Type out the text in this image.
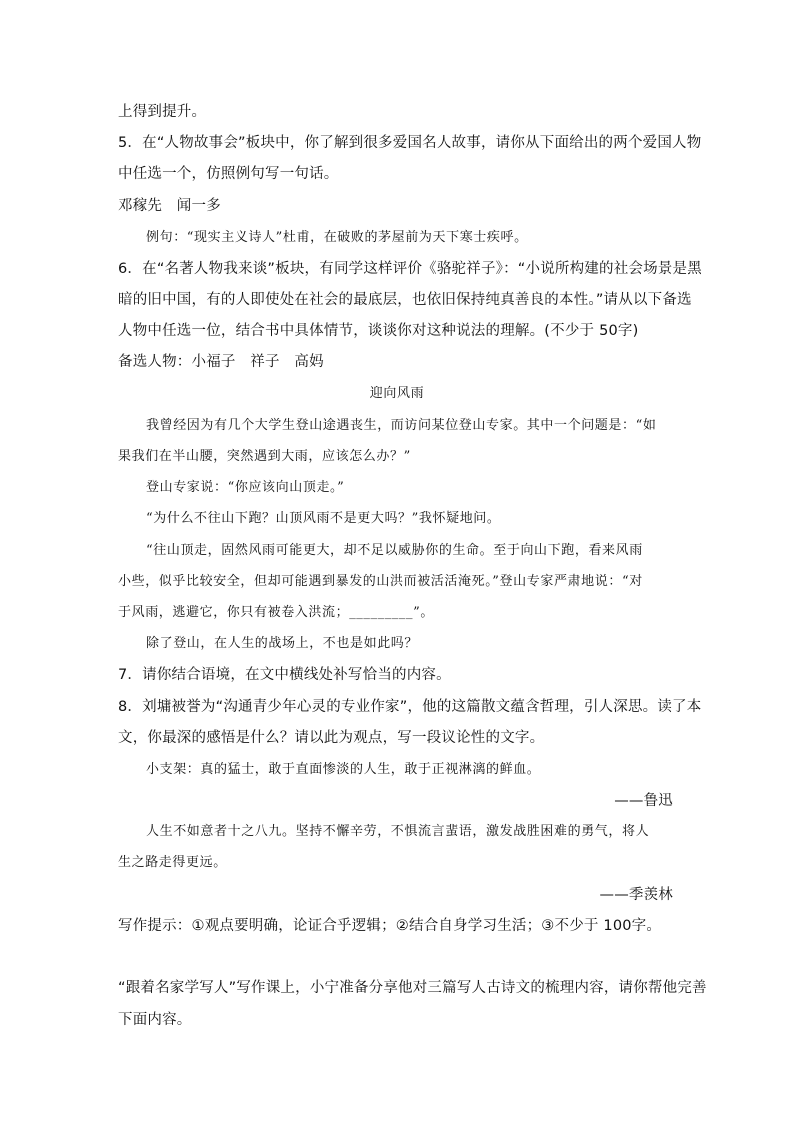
上得到提升。
5．在“人物故事会”板块中，你了解到很多爱国名人故事，请你从下面给出的两个爱国人物
中任选一个，仿照例句写一句话。
邓稼先　闻一多
例句：“现实主义诗人”杜甫，在破败的茅屋前为天下寒士疾呼。
6．在“名著人物我来谈”板块，有同学这样评价《骆驼祥子》：“小说所构建的社会场景是黑
暗的旧中国，有的人即使处在社会的最底层，也依旧保持纯真善良的本性。”请从以下备选
人物中任选一位，结合书中具体情节，谈谈你对这种说法的理解。(不少于 50字)
备选人物：小福子　祥子　高妈
迎向风雨
我曾经因为有几个大学生登山途遇丧生，而访问某位登山专家。其中一个问题是：“如
果我们在半山腰，突然遇到大雨，应该怎么办？”
登山专家说：“你应该向山顶走。”
“为什么不往山下跑？山顶风雨不是更大吗？”我怀疑地问。
“往山顶走，固然风雨可能更大，却不足以威胁你的生命。至于向山下跑，看来风雨
小些，似乎比较安全，但却可能遇到暴发的山洪而被活活淹死。”登山专家严肃地说：“对
于风雨，逃避它，你只有被卷入洪流；_________”。
除了登山，在人生的战场上，不也是如此吗？
7．请你结合语境，在文中横线处补写恰当的内容。
8．刘墉被誉为“沟通青少年心灵的专业作家”，他的这篇散文蕴含哲理，引人深思。读了本
文，你最深的感悟是什么？请以此为观点，写一段议论性的文字。
小支架：真的猛士，敢于直面惨淡的人生，敢于正视淋漓的鲜血。
——鲁迅
人生不如意者十之八九。坚持不懈辛劳，不惧流言蜚语，激发战胜困难的勇气，将人
生之路走得更远。
——季羡林
写作提示：①观点要明确，论证合乎逻辑；②结合自身学习生活；③不少于 100字。
“跟着名家学写人”写作课上，小宁准备分享他对三篇写人古诗文的梳理内容，请你帮他完善
下面内容。
